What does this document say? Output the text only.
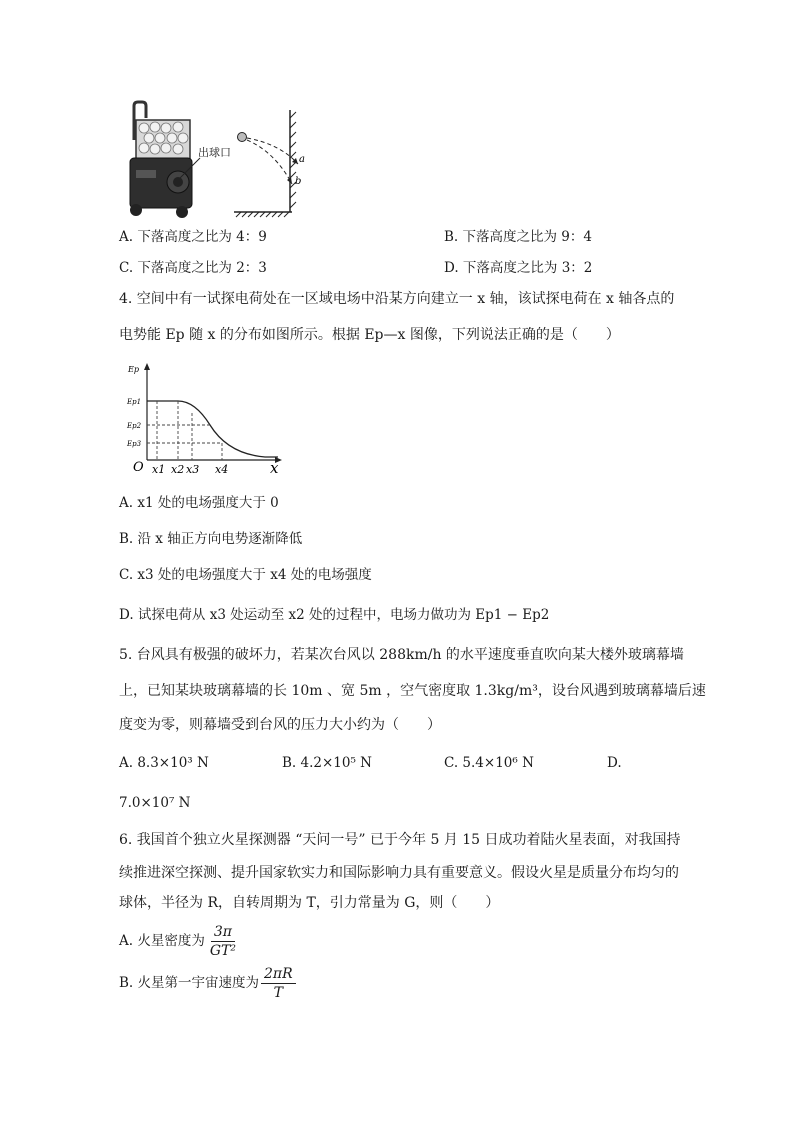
a
b
出球口
A. 下落高度之比为 4：9	B. 下落高度之比为 9：4
C. 下落高度之比为 2：3	D. 下落高度之比为 3：2
4. 空间中有一试探电荷处在一区域电场中沿某方向建立一 x 轴，该试探电荷在 x 轴各点的
电势能 Ep 随 x 的分布如图所示。根据 Ep—x 图像，下列说法正确的是（　　）
Ep
x
O
Ep1
Ep2
Ep3
x1 x2 x3 x4
A. x1 处的电场强度大于 0
B. 沿 x 轴正方向电势逐渐降低
C. x3 处的电场强度大于 x4 处的电场强度
D. 试探电荷从 x3 处运动至 x2 处的过程中，电场力做功为 Ep1 − Ep2
5. 台风具有极强的破坏力，若某次台风以 288km/h 的水平速度垂直吹向某大楼外玻璃幕墙
上，已知某块玻璃幕墙的长 10m 、宽 5m ，空气密度取 1.3kg/m³，设台风遇到玻璃幕墙后速
度变为零，则幕墙受到台风的压力大小约为（　　）
A. 8.3×10³ N	B. 4.2×10⁵ N	C. 5.4×10⁶ N	D.
7.0×10⁷ N
6. 我国首个独立火星探测器 “天问一号” 已于今年 5 月 15 日成功着陆火星表面，对我国持
续推进深空探测、提升国家软实力和国际影响力具有重要意义。假设火星是质量分布均匀的
球体，半径为 R，自转周期为 T，引力常量为 G，则（　　）
A. 火星密度为 $\frac{3\pi}{\text{GT²}}$
B. 火星第一宇宙速度为 $\frac{2\pi R}{T}$
